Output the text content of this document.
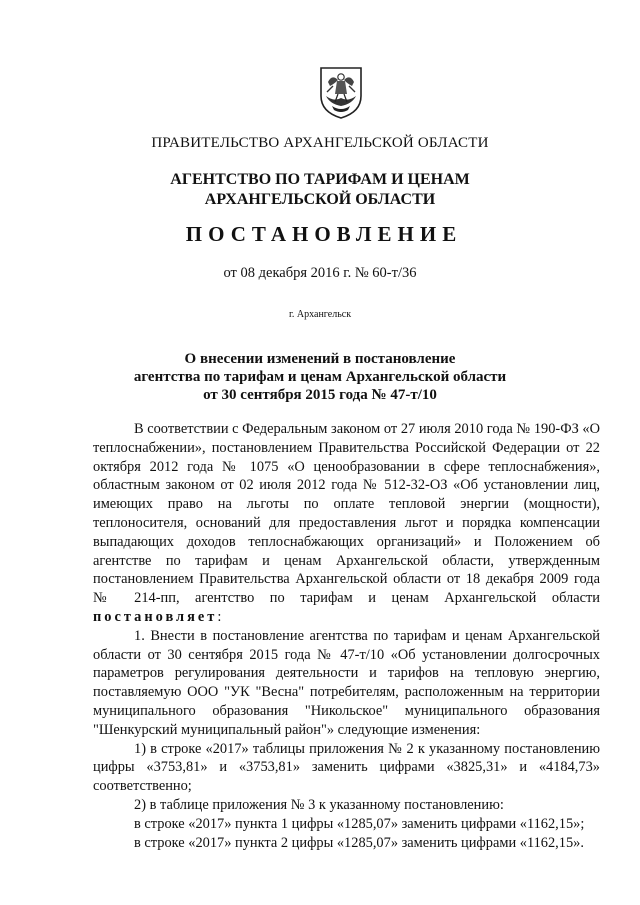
ПРАВИТЕЛЬСТВО АРХАНГЕЛЬСКОЙ ОБЛАСТИ
АГЕНТСТВО ПО ТАРИФАМ И ЦЕНАМ
АРХАНГЕЛЬСКОЙ ОБЛАСТИ
ПОСТАНОВЛЕНИЕ
от 08 декабря 2016 г. № 60-т/36
г. Архангельск
О внесении изменений в постановление
агентства по тарифам и ценам Архангельской области
от 30 сентября 2015 года № 47-т/10

В соответствии с Федеральным законом от 27 июля 2010 года № 190-ФЗ «О теплоснабжении», постановлением Правительства Российской Федерации от 22 октября 2012 года № 1075 «О ценообразовании в сфере теплоснабжения», областным законом от 02 июля 2012 года № 512-32-ОЗ «Об установлении лиц, имеющих право на льготы по оплате тепловой энергии (мощности), теплоносителя, оснований для предоставления льгот и порядка компенсации выпадающих доходов теплоснабжающих организаций» и Положением об агентстве по тарифам и ценам Архангельской области, утвержденным постановлением Правительства Архангельской области от 18 декабря 2009 года № 214-пп, агентство по тарифам и ценам Архангельской области постановляет:

1. Внести в постановление агентства по тарифам и ценам Архангельской области от 30 сентября 2015 года № 47-т/10 «Об установлении долгосрочных параметров регулирования деятельности и тарифов на тепловую энергию, поставляемую ООО "УК "Весна" потребителям, расположенным на территории муниципального образования "Никольское" муниципального образования "Шенкурский муниципальный район"» следующие изменения:

1) в строке «2017» таблицы приложения № 2 к указанному постановлению цифры «3753,81» и «3753,81» заменить цифрами «3825,31» и «4184,73» соответственно;

2) в таблице приложения № 3 к указанному постановлению:

в строке «2017» пункта 1 цифры «1285,07» заменить цифрами «1162,15»;

в строке «2017» пункта 2 цифры «1285,07» заменить цифрами «1162,15».
